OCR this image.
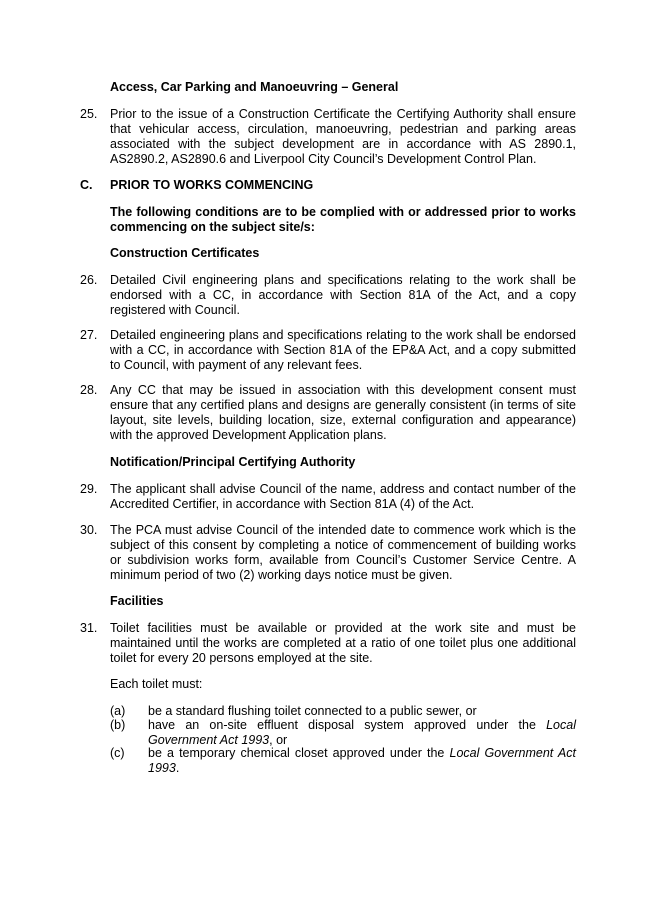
Access, Car Parking and Manoeuvring – General
25. Prior to the issue of a Construction Certificate the Certifying Authority shall ensure that vehicular access, circulation, manoeuvring, pedestrian and parking areas associated with the subject development are in accordance with AS 2890.1, AS2890.2, AS2890.6 and Liverpool City Council’s Development Control Plan.
C. PRIOR TO WORKS COMMENCING
The following conditions are to be complied with or addressed prior to works commencing on the subject site/s:
Construction Certificates
26. Detailed Civil engineering plans and specifications relating to the work shall be endorsed with a CC, in accordance with Section 81A of the Act, and a copy registered with Council.
27. Detailed engineering plans and specifications relating to the work shall be endorsed with a CC, in accordance with Section 81A of the EP&A Act, and a copy submitted to Council, with payment of any relevant fees.
28. Any CC that may be issued in association with this development consent must ensure that any certified plans and designs are generally consistent (in terms of site layout, site levels, building location, size, external configuration and appearance) with the approved Development Application plans.
Notification/Principal Certifying Authority
29. The applicant shall advise Council of the name, address and contact number of the Accredited Certifier, in accordance with Section 81A (4) of the Act.
30. The PCA must advise Council of the intended date to commence work which is the subject of this consent by completing a notice of commencement of building works or subdivision works form, available from Council’s Customer Service Centre. A minimum period of two (2) working days notice must be given.
Facilities
31. Toilet facilities must be available or provided at the work site and must be maintained until the works are completed at a ratio of one toilet plus one additional toilet for every 20 persons employed at the site.
Each toilet must:
(a) be a standard flushing toilet connected to a public sewer, or
(b) have an on-site effluent disposal system approved under the Local Government Act 1993, or
(c) be a temporary chemical closet approved under the Local Government Act 1993.
